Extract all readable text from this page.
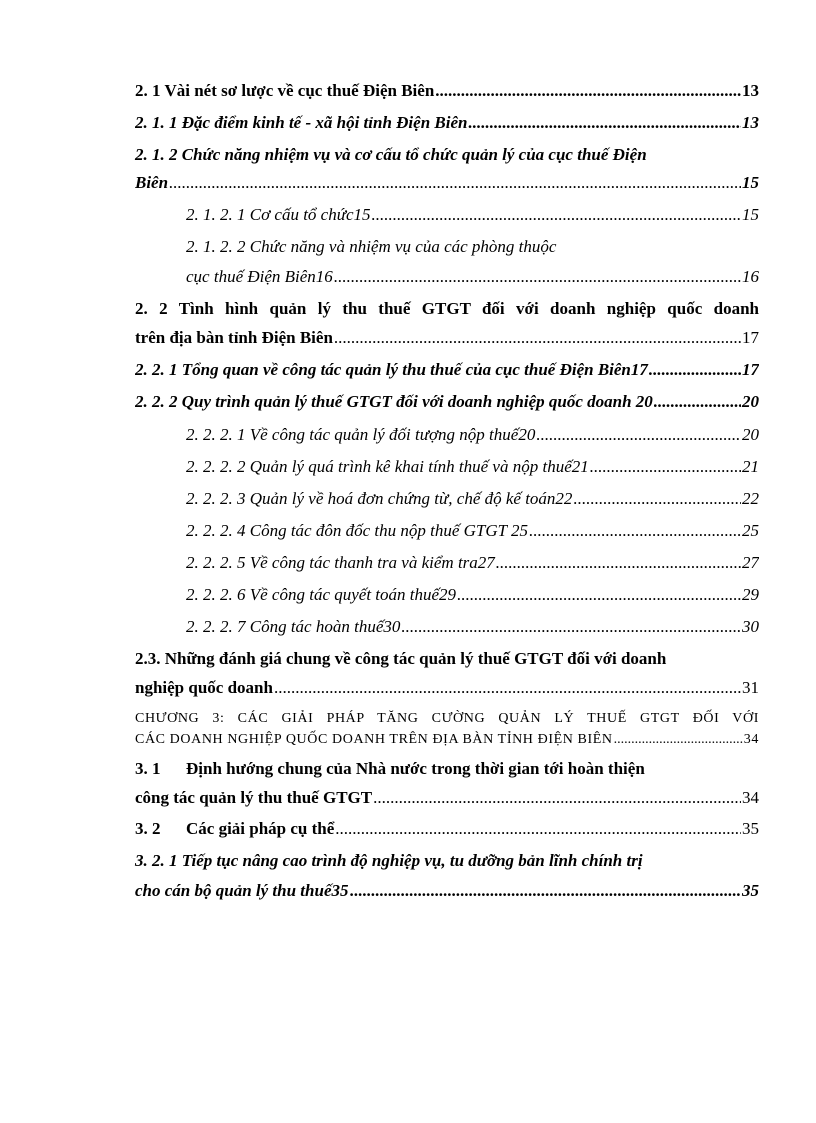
2. 1 Vài nét sơ lược về cục thuế Điện Biên .....	13
2. 1. 1 Đặc điểm kinh tế - xã hội tỉnh Điện Biên .....	13
2. 1. 2 Chức năng nhiệm vụ và cơ cấu tổ chức quản lý của cục thuế Điện
Biên .....	15
2. 1. 2. 1 Cơ cấu tổ chức15 .....	15
2. 1. 2. 2 Chức năng và nhiệm vụ của các phòng thuộc
cục thuế Điện Biên16 .....	16
2. 2 Tình hình quản lý thu thuế GTGT đối với doanh nghiệp quốc doanh
trên địa bàn tỉnh Điện Biên .....	17
2. 2. 1 Tổng quan về công tác quản lý thu thuế của cục thuế Điện Biên17 .....	17
2. 2. 2 Quy trình quản lý thuế GTGT đối với doanh nghiệp quốc doanh 20 .....	20
2. 2. 2. 1 Về công tác quản lý đối tượng nộp thuế20 .....	20
2. 2. 2. 2 Quản lý quá trình kê khai tính thuế và nộp thuế21 .....	21
2. 2. 2. 3 Quản lý về hoá đơn chứng từ, chế độ kế toán22 .....	22
2. 2. 2. 4 Công tác đôn đốc thu nộp thuế GTGT 25 .....	25
2. 2. 2. 5 Về công tác thanh tra và kiểm tra27 .....	27
2. 2. 2. 6 Về công tác quyết toán thuế29 .....	29
2. 2. 2. 7 Công tác hoàn thuế30 .....	30
2.3. Những đánh giá chung về công tác quản lý thuế GTGT đối với doanh
nghiệp quốc doanh .....	31
CHƯƠNG 3: CÁC GIẢI PHÁP TĂNG CƯỜNG QUẢN LÝ THUẾ GTGT ĐỐI VỚI
CÁC DOANH NGHIỆP QUỐC DOANH TRÊN ĐỊA BÀN TỈNH ĐIỆN BIÊN .....	34
3. 1      Định hướng chung của Nhà nước trong thời gian tới hoàn thiện
công tác quản lý thu thuế GTGT .....	34
3. 2      Các giải pháp cụ thể .....	35
3. 2. 1 Tiếp tục nâng cao trình độ nghiệp vụ, tu dưỡng bản lĩnh chính trị
cho cán bộ quản lý thu thuế35 .....	35
